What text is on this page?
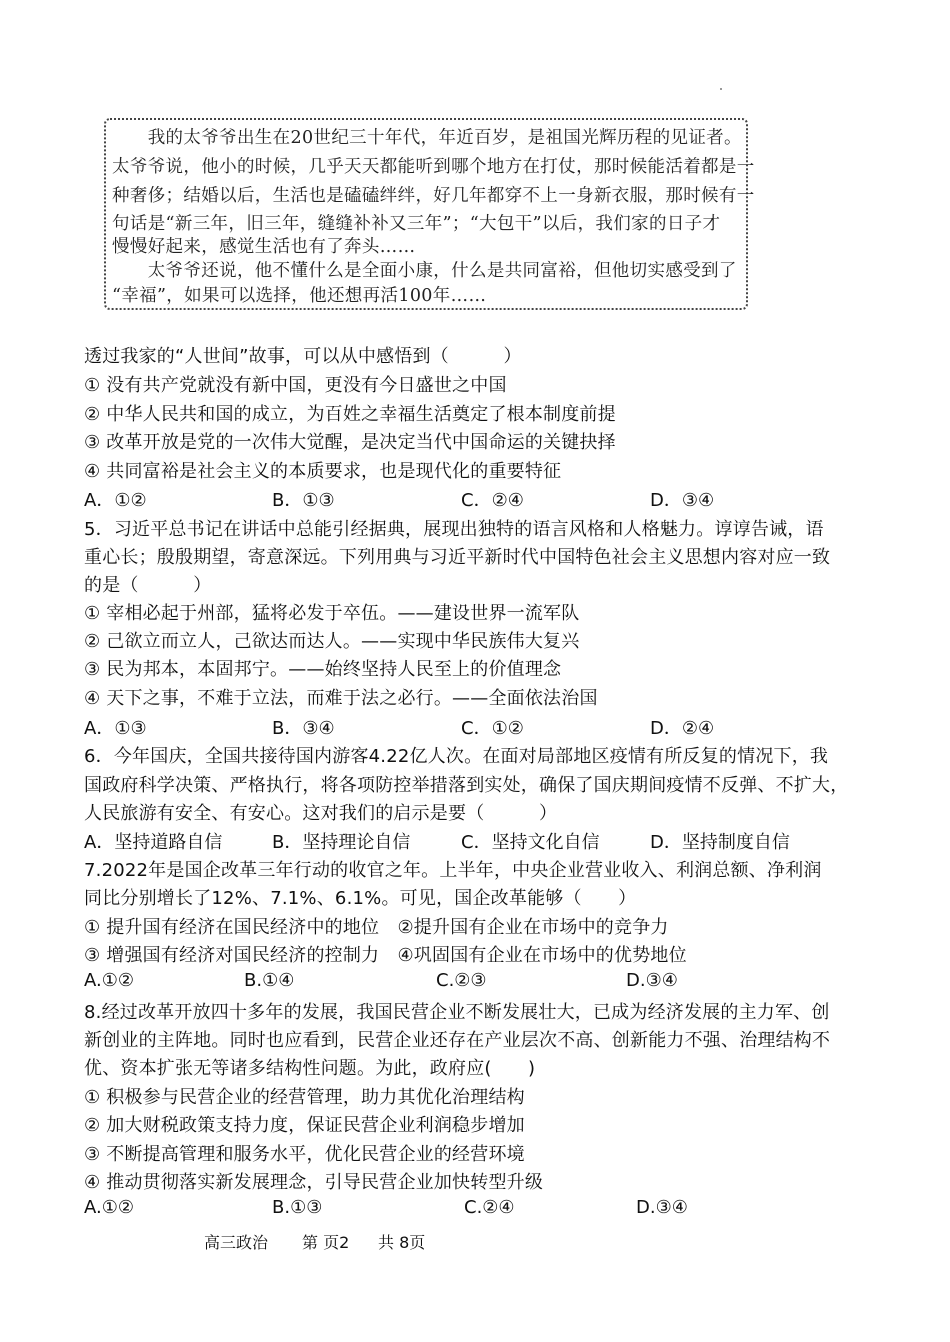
　　我的太爷爷出生在20世纪三十年代，年近百岁，是祖国光辉历程的见证者。
太爷爷说，他小的时候，几乎天天都能听到哪个地方在打仗，那时候能活着都是一
种奢侈；结婚以后，生活也是磕磕绊绊，好几年都穿不上一身新衣服，那时候有一
句话是“新三年，旧三年，缝缝补补又三年”；“大包干”以后，我们家的日子才
慢慢好起来，感觉生活也有了奔头……
　　太爷爷还说，他不懂什么是全面小康，什么是共同富裕，但他切实感受到了
“幸福”，如果可以选择，他还想再活100年……
透过我家的“人世间”故事，可以从中感悟到（　　　）
① 没有共产党就没有新中国，更没有今日盛世之中国
② 中华人民共和国的成立，为百姓之幸福生活奠定了根本制度前提
③ 改革开放是党的一次伟大觉醒，是决定当代中国命运的关键抉择
④ 共同富裕是社会主义的本质要求，也是现代化的重要特征
A．①②	B．①③	C．②④	D．③④
5．习近平总书记在讲话中总能引经据典，展现出独特的语言风格和人格魅力。谆谆告诫，语
重心长；殷殷期望，寄意深远。下列用典与习近平新时代中国特色社会主义思想内容对应一致
的是（　　　）
① 宰相必起于州部，猛将必发于卒伍。——建设世界一流军队
② 己欲立而立人，己欲达而达人。——实现中华民族伟大复兴
③ 民为邦本，本固邦宁。——始终坚持人民至上的价值理念
④ 天下之事，不难于立法，而难于法之必行。——全面依法治国
A．①③	B．③④	C．①②	D．②④
6．今年国庆，全国共接待国内游客4.22亿人次。在面对局部地区疫情有所反复的情况下，我
国政府科学决策、严格执行，将各项防控举措落到实处，确保了国庆期间疫情不反弹、不扩大，
人民旅游有安全、有安心。这对我们的启示是要（　　　）
A．坚持道路自信	B．坚持理论自信	C．坚持文化自信	D．坚持制度自信
7.2022年是国企改革三年行动的收官之年。上半年，中央企业营业收入、利润总额、净利润
同比分别增长了12%、7.1%、6.1%。可见，国企改革能够（　　）
① 提升国有经济在国民经济中的地位　②提升国有企业在市场中的竞争力
③ 增强国有经济对国民经济的控制力　④巩固国有企业在市场中的优势地位
A.①②	B.①④	C.②③	D.③④
8.经过改革开放四十多年的发展，我国民营企业不断发展壮大，已成为经济发展的主力军、创
新创业的主阵地。同时也应看到，民营企业还存在产业层次不高、创新能力不强、治理结构不
优、资本扩张无等诸多结构性问题。为此，政府应(　　)
① 积极参与民营企业的经营管理，助力其优化治理结构
② 加大财税政策支持力度，保证民营企业利润稳步增加
③ 不断提高管理和服务水平，优化民营企业的经营环境
④ 推动贯彻落实新发展理念，引导民营企业加快转型升级
A.①②	B.①③	C.②④	D.③④
高三政治 第 页2 共 8页
